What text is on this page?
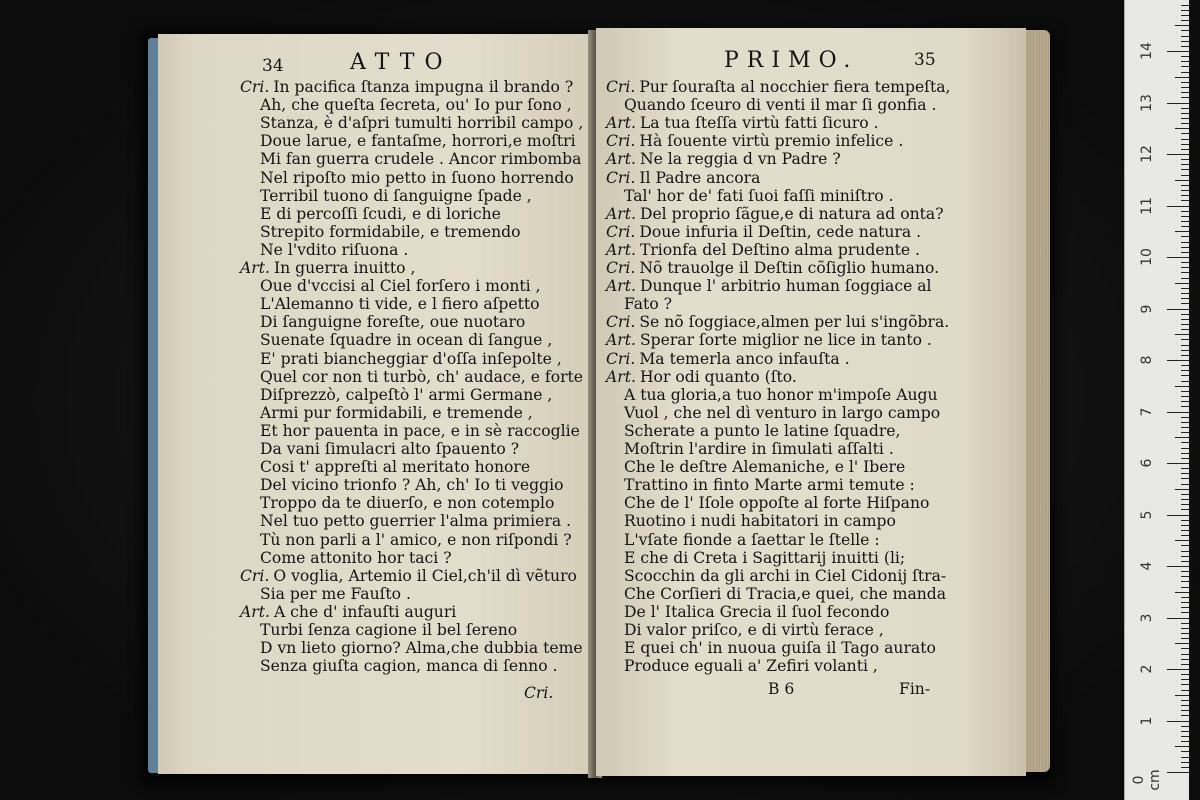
34	ATTO
Cri. In pacifica ſtanza impugna il brando ?
Ah, che queſta ſecreta, ou' Io pur ſono ,
Stanza, è d'aſpri tumulti horribil campo ,
Doue larue, e fantaſme, horrori,e moſtri
Mi fan guerra crudele . Ancor rimbomba
Nel ripoſto mio petto in ſuono horrendo
Terribil tuono di ſanguigne ſpade ,
E di percoſſi ſcudi, e di loriche
Strepito formidabile, e tremendo
Ne l'vdito riſuona .
Art. In guerra inuitto ,
Oue d'vccisi al Ciel forſero i monti ,
L'Alemanno ti vide, e l fiero aſpetto
Di ſanguigne foreſte, oue nuotaro
Suenate ſquadre in ocean di ſangue ,
E' prati biancheggiar d'oſſa inſepolte ,
Quel cor non ti turbò, ch' audace, e forte
Diſprezzò, calpeſtò l' armi Germane ,
Armi pur formidabili, e tremende ,
Et hor pauenta in pace, e in sè raccoglie
Da vani ſimulacri alto ſpauento ?
Cosi t' appreſti al meritato honore
Del vicino trionfo ? Ah, ch' Io ti veggio
Troppo da te diuerſo, e non cotemplo
Nel tuo petto guerrier l'alma primiera .
Tù non parli a l' amico, e non riſpondi ?
Come attonito hor taci ?
Cri. O voglia, Artemio il Ciel,ch'il dì vẽturo
Sia per me Fauſto .
Art. A che d' infauſti auguri
Turbi ſenza cagione il bel ſereno
D vn lieto giorno? Alma,che dubbia teme
Senza giuſta cagion, manca di ſenno .
Cri.
PRIMO.	35
Cri. Pur ſouraſta al nocchier fiera tempeſta,
Quando ſceuro di venti il mar ſi gonfia .
Art. La tua ſteſſa virtù fatti ſicuro .
Cri. Hà ſouente virtù premio infelice .
Art. Ne la reggia d vn Padre ?
Cri. Il Padre ancora
Tal' hor de' fati ſuoi faſſi miniſtro .
Art. Del proprio ſãgue,e di natura ad onta?
Cri. Doue infuria il Deſtin, cede natura .
Art. Trionfa del Deſtino alma prudente .
Cri. Nõ trauolge il Deſtin cõſiglio humano.
Art. Dunque l' arbitrio human ſoggiace al
Fato ?
Cri. Se nõ ſoggiace,almen per lui s'ingõbra.
Art. Sperar ſorte miglior ne lice in tanto .
Cri. Ma temerla anco infauſta .
Art. Hor odi quanto (ſto.
A tua gloria,a tuo honor m'impoſe Augu
Vuol , che nel dì venturo in largo campo
Scherate a punto le latine ſquadre,
Moſtrin l'ardire in ſimulati aſſalti .
Che le deſtre Alemaniche, e l' Ibere
Trattino in finto Marte armi temute :
Che de l' Iſole oppoſte al forte Hiſpano
Ruotino i nudi habitatori in campo
L'vſate fionde a ſaettar le ſtelle :
E che di Creta i Sagittarij inuitti (li;
Scocchin da gli archi in Ciel Cidonij ſtra-
Che Corſieri di Tracia,e quei, che manda
De l' Italica Grecia il ſuol fecondo
Di valor priſco, e di virtù ferace ,
E quei ch' in nuoua guiſa il Tago aurato
Produce eguali a' Zefiri volanti ,
B 6	Fin-
14
13
12
11
10
9
8
7
6
5
4
3
2
1
0 cm
